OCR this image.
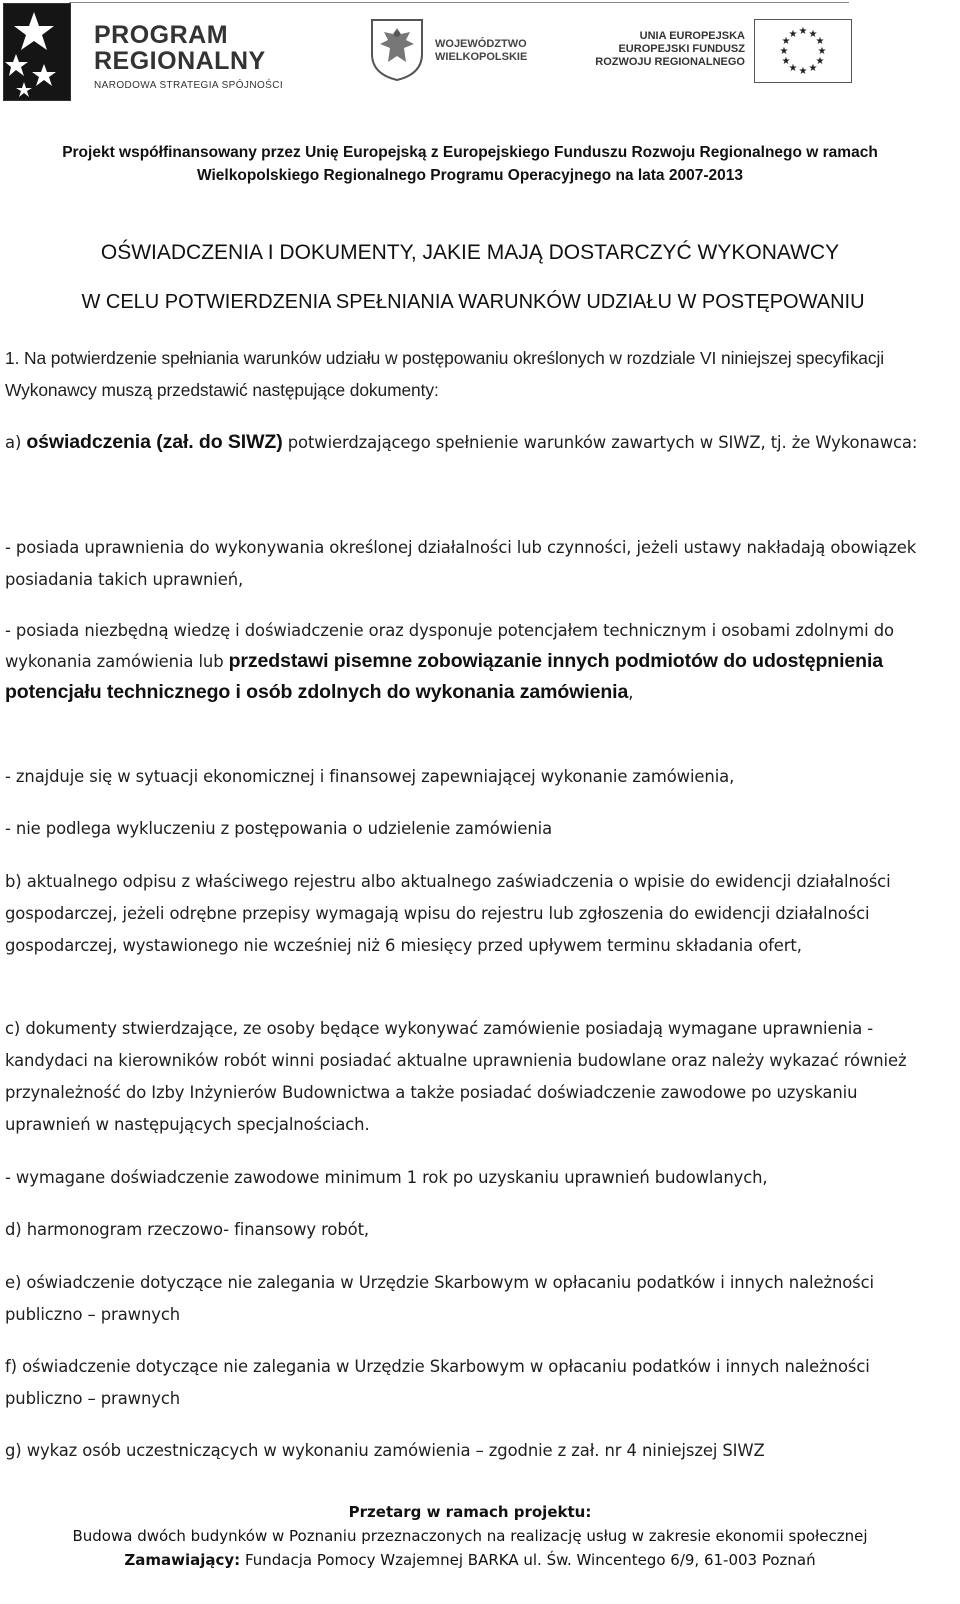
PROGRAM
REGIONALNY
NARODOWA STRATEGIA SPÓJNOŚCI
WOJEWÓDZTWO
WIELKOPOLSKIE
UNIA EUROPEJSKA
EUROPEJSKI FUNDUSZ
ROZWOJU REGIONALNEGO
★ ★
★
★
★
★
★
★
★
★
★
★
Projekt współfinansowany przez Unię Europejską z Europejskiego Funduszu Rozwoju Regionalnego w ramach
Wielkopolskiego Regionalnego Programu Operacyjnego na lata 2007-2013
OŚWIADCZENIA I DOKUMENTY, JAKIE MAJĄ DOSTARCZYĆ WYKONAWCY
W CELU POTWIERDZENIA SPEŁNIANIA WARUNKÓW UDZIAŁU W POSTĘPOWANIU
1. Na potwierdzenie spełniania warunków udziału w postępowaniu określonych w rozdziale VI niniejszej specyfikacji Wykonawcy muszą przedstawić następujące dokumenty:
a) oświadczenia (zał. do SIWZ) potwierdzającego spełnienie warunków zawartych w SIWZ, tj. że Wykonawca:
- posiada uprawnienia do wykonywania określonej działalności lub czynności, jeżeli ustawy nakładają obowiązek posiadania takich uprawnień,
- posiada niezbędną wiedzę i doświadczenie oraz dysponuje potencjałem technicznym i osobami zdolnymi do wykonania zamówienia lub przedstawi pisemne zobowiązanie innych podmiotów do udostępnienia potencjału technicznego i osób zdolnych do wykonania zamówienia,
- znajduje się w sytuacji ekonomicznej i finansowej zapewniającej wykonanie zamówienia,
- nie podlega wykluczeniu z postępowania o udzielenie zamówienia
b) aktualnego odpisu z właściwego rejestru albo aktualnego zaświadczenia o wpisie do ewidencji działalności gospodarczej, jeżeli odrębne przepisy wymagają wpisu do rejestru lub zgłoszenia do ewidencji działalności gospodarczej, wystawionego nie wcześniej niż 6 miesięcy przed upływem terminu składania ofert,
c) dokumenty stwierdzające, ze osoby będące wykonywać zamówienie posiadają wymagane uprawnienia - kandydaci na kierowników robót winni posiadać aktualne uprawnienia budowlane oraz należy wykazać również przynależność do Izby Inżynierów Budownictwa a także posiadać doświadczenie zawodowe po uzyskaniu uprawnień w następujących specjalnościach.
- wymagane doświadczenie zawodowe minimum 1 rok po uzyskaniu uprawnień budowlanych,
d) harmonogram rzeczowo- finansowy robót,
e) oświadczenie dotyczące nie zalegania w Urzędzie Skarbowym w opłacaniu podatków i innych należności publiczno – prawnych
f) oświadczenie dotyczące nie zalegania w Urzędzie Skarbowym w opłacaniu podatków i innych należności publiczno – prawnych
g) wykaz osób uczestniczących w wykonaniu zamówienia – zgodnie z zał. nr 4 niniejszej SIWZ
Przetarg w ramach projektu:
Budowa dwóch budynków w Poznaniu przeznaczonych na realizację usług w zakresie ekonomii społecznej
Zamawiający: Fundacja Pomocy Wzajemnej BARKA ul. Św. Wincentego 6/9, 61-003 Poznań
